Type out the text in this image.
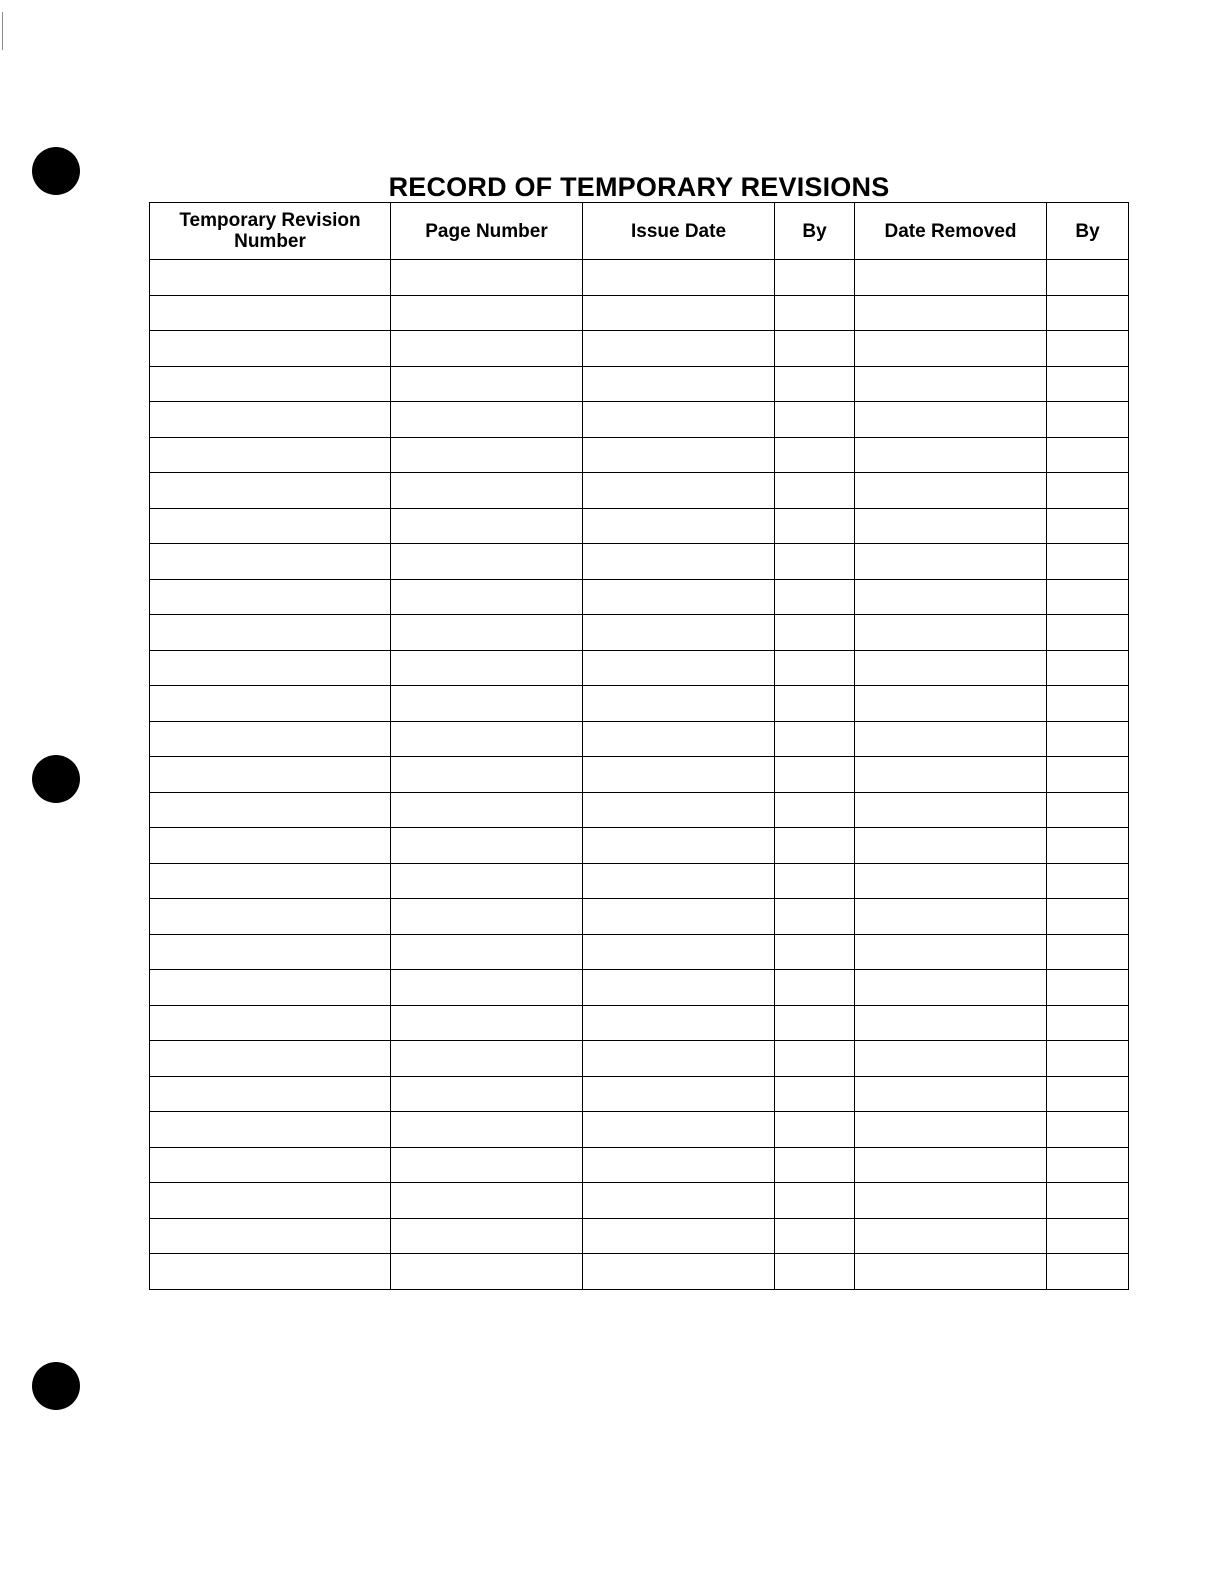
RECORD OF TEMPORARY REVISIONS
Temporary Revision Number	Page Number	Issue Date	By	Date Removed	By
